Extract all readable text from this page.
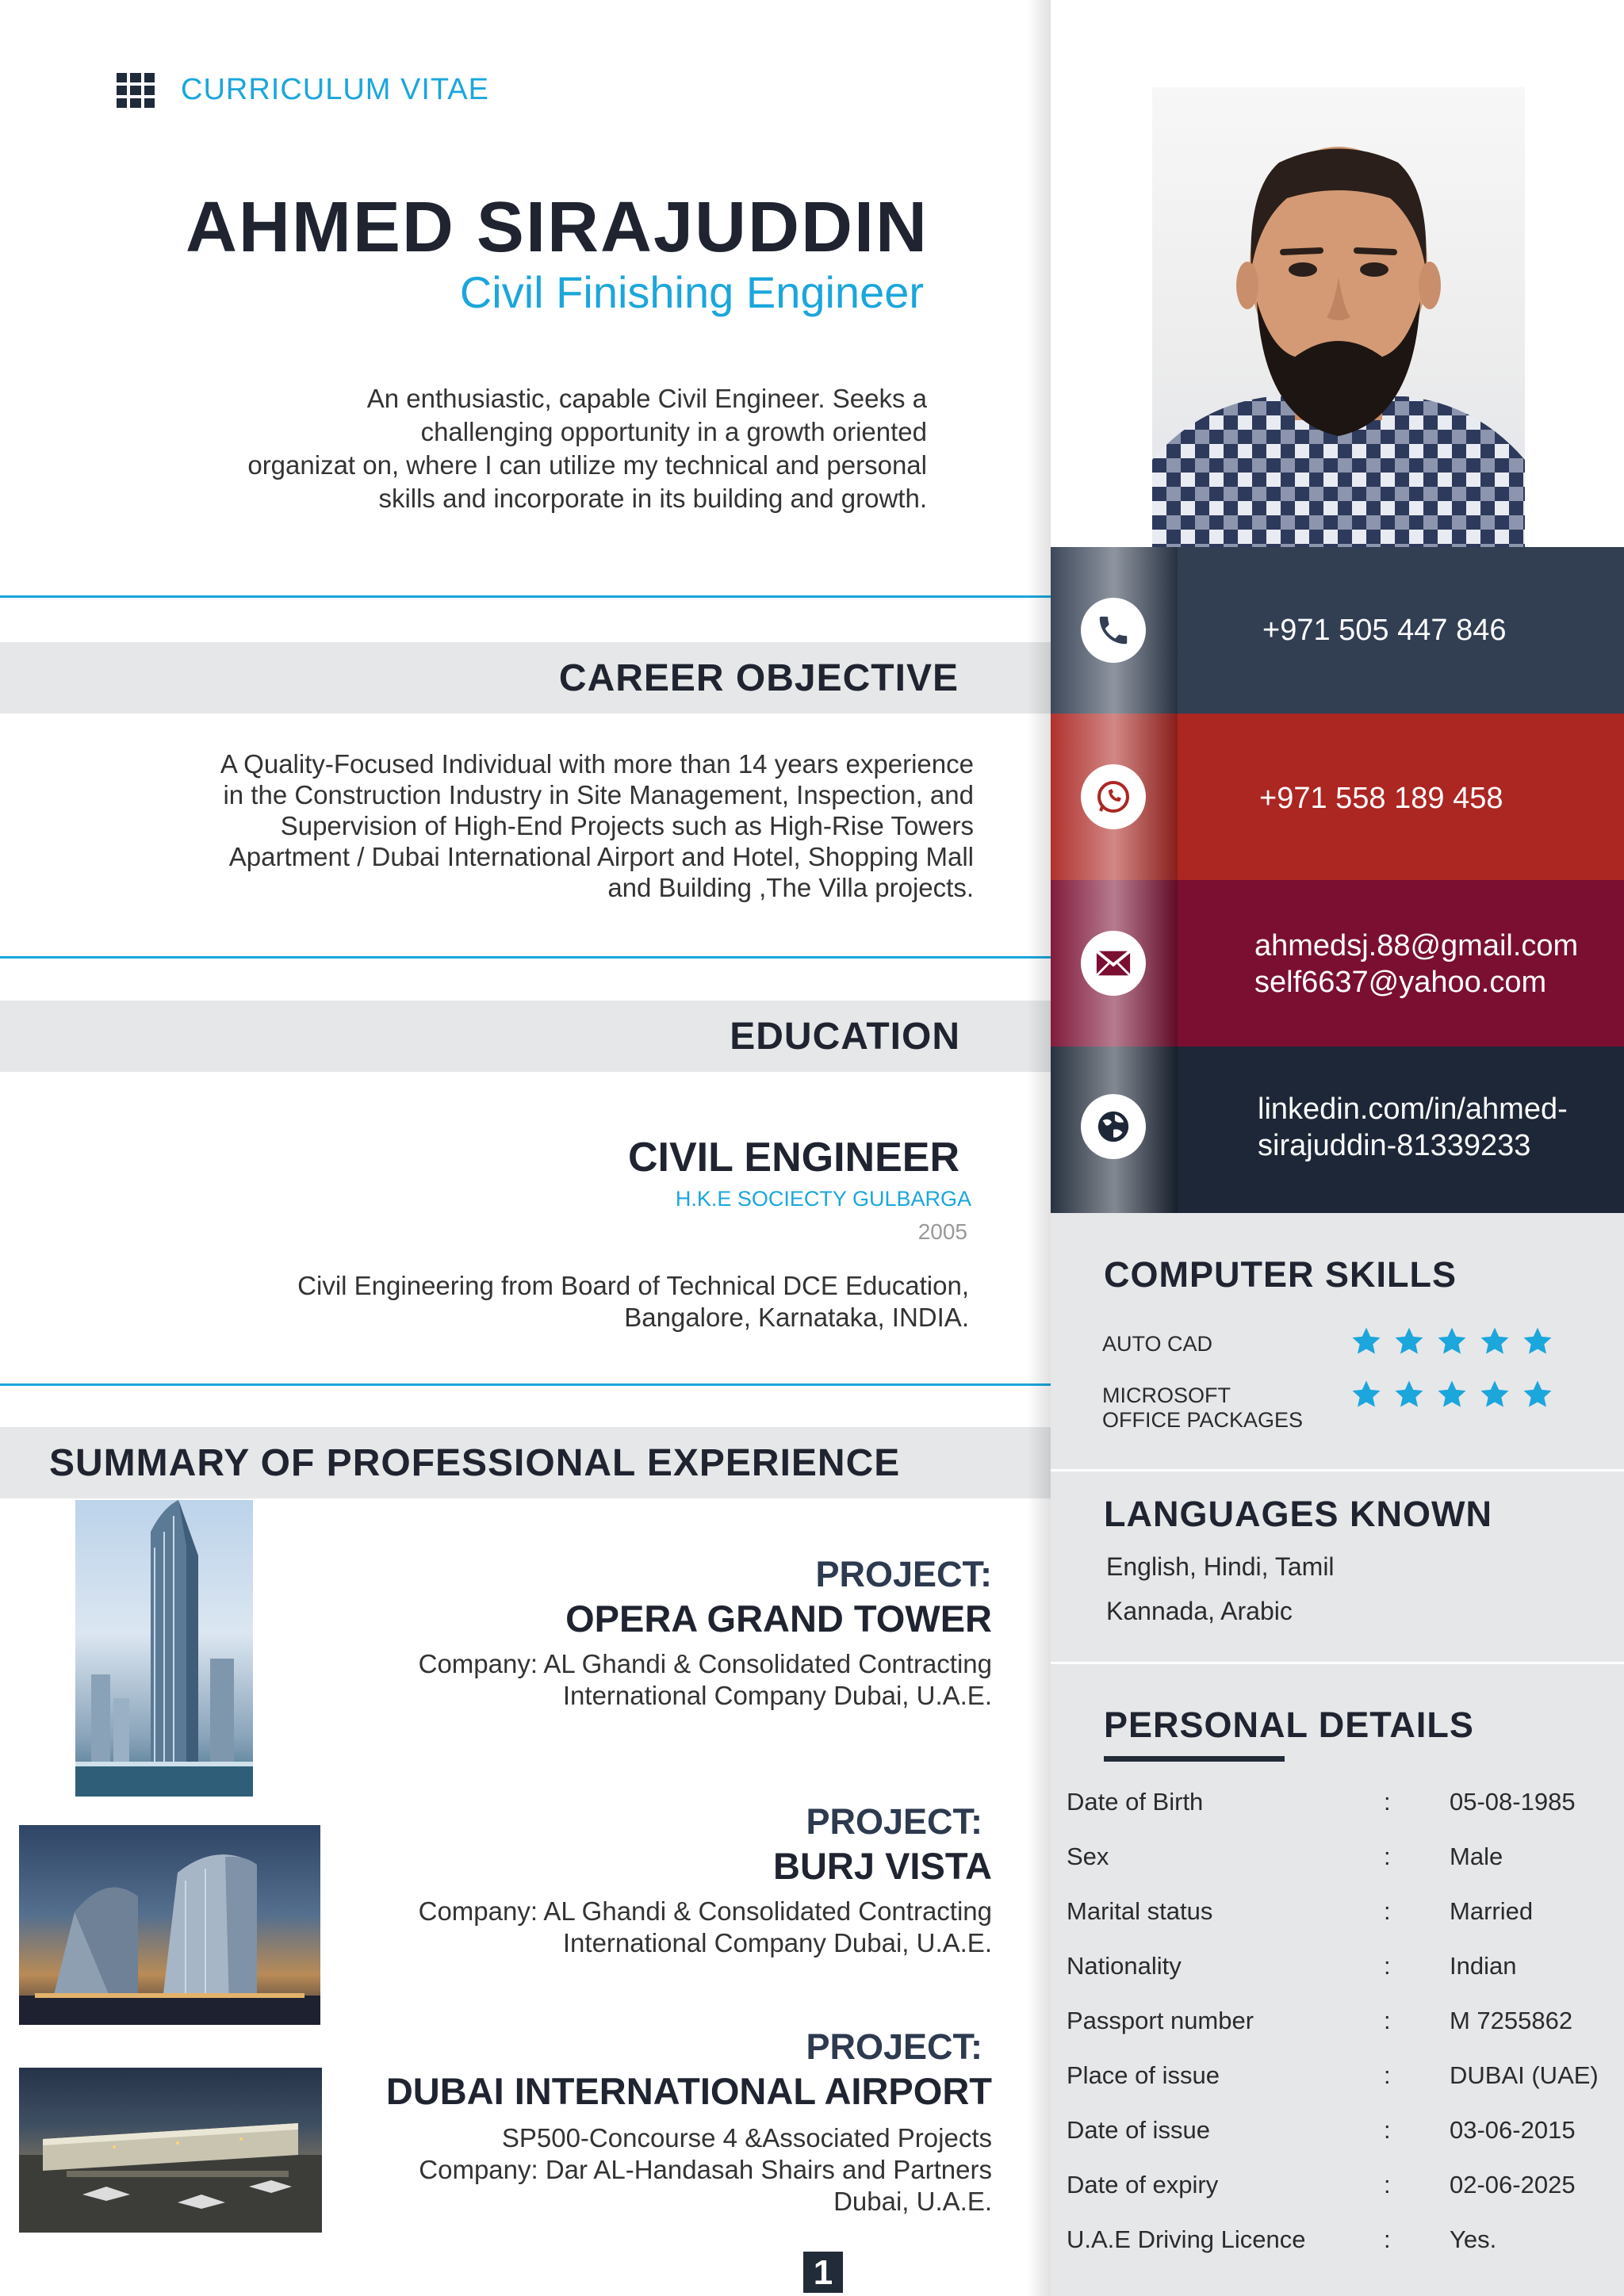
CURRICULUM VITAE
AHMED SIRAJUDDIN
Civil Finishing Engineer
An enthusiastic, capable Civil Engineer. Seeks a
challenging opportunity in a growth oriented
organizat on, where I can utilize my technical and personal
skills and incorporate in its building and growth.
CAREER OBJECTIVE
A Quality-Focused Individual with more than 14 years experience
in the Construction Industry in Site Management, Inspection, and
Supervision of High-End Projects such as High-Rise Towers
Apartment / Dubai International Airport and Hotel, Shopping Mall
and Building ,The Villa projects.
EDUCATION
CIVIL ENGINEER
H.K.E SOCIECTY GULBARGA
2005
Civil Engineering from Board of Technical DCE Education,
Bangalore, Karnataka, INDIA.
SUMMARY OF PROFESSIONAL EXPERIENCE
PROJECT:
OPERA GRAND TOWER
Company: AL Ghandi & Consolidated Contracting
International Company Dubai, U.A.E.
PROJECT:
BURJ VISTA
Company: AL Ghandi & Consolidated Contracting
International Company Dubai, U.A.E.
PROJECT:
DUBAI INTERNATIONAL AIRPORT
SP500-Concourse 4 &Associated Projects
Company: Dar AL-Handasah Shairs and Partners
Dubai, U.A.E.
1
+971 505 447 846
+971 558 189 458
ahmedsj.88@gmail.com
self6637@yahoo.com
linkedin.com/in/ahmed-
sirajuddin-81339233
COMPUTER SKILLS
AUTO CAD
MICROSOFT
OFFICE PACKAGES
LANGUAGES KNOWN
English, Hindi, Tamil
Kannada, Arabic
PERSONAL DETAILS
Date of Birth	: 05-08-1985
Sex	: Male
Marital status	: Married
Nationality	: Indian
Passport number	: M 7255862
Place of issue	: DUBAI (UAE)
Date of issue	: 03-06-2015
Date of expiry	: 02-06-2025
U.A.E Driving Licence	: Yes.
